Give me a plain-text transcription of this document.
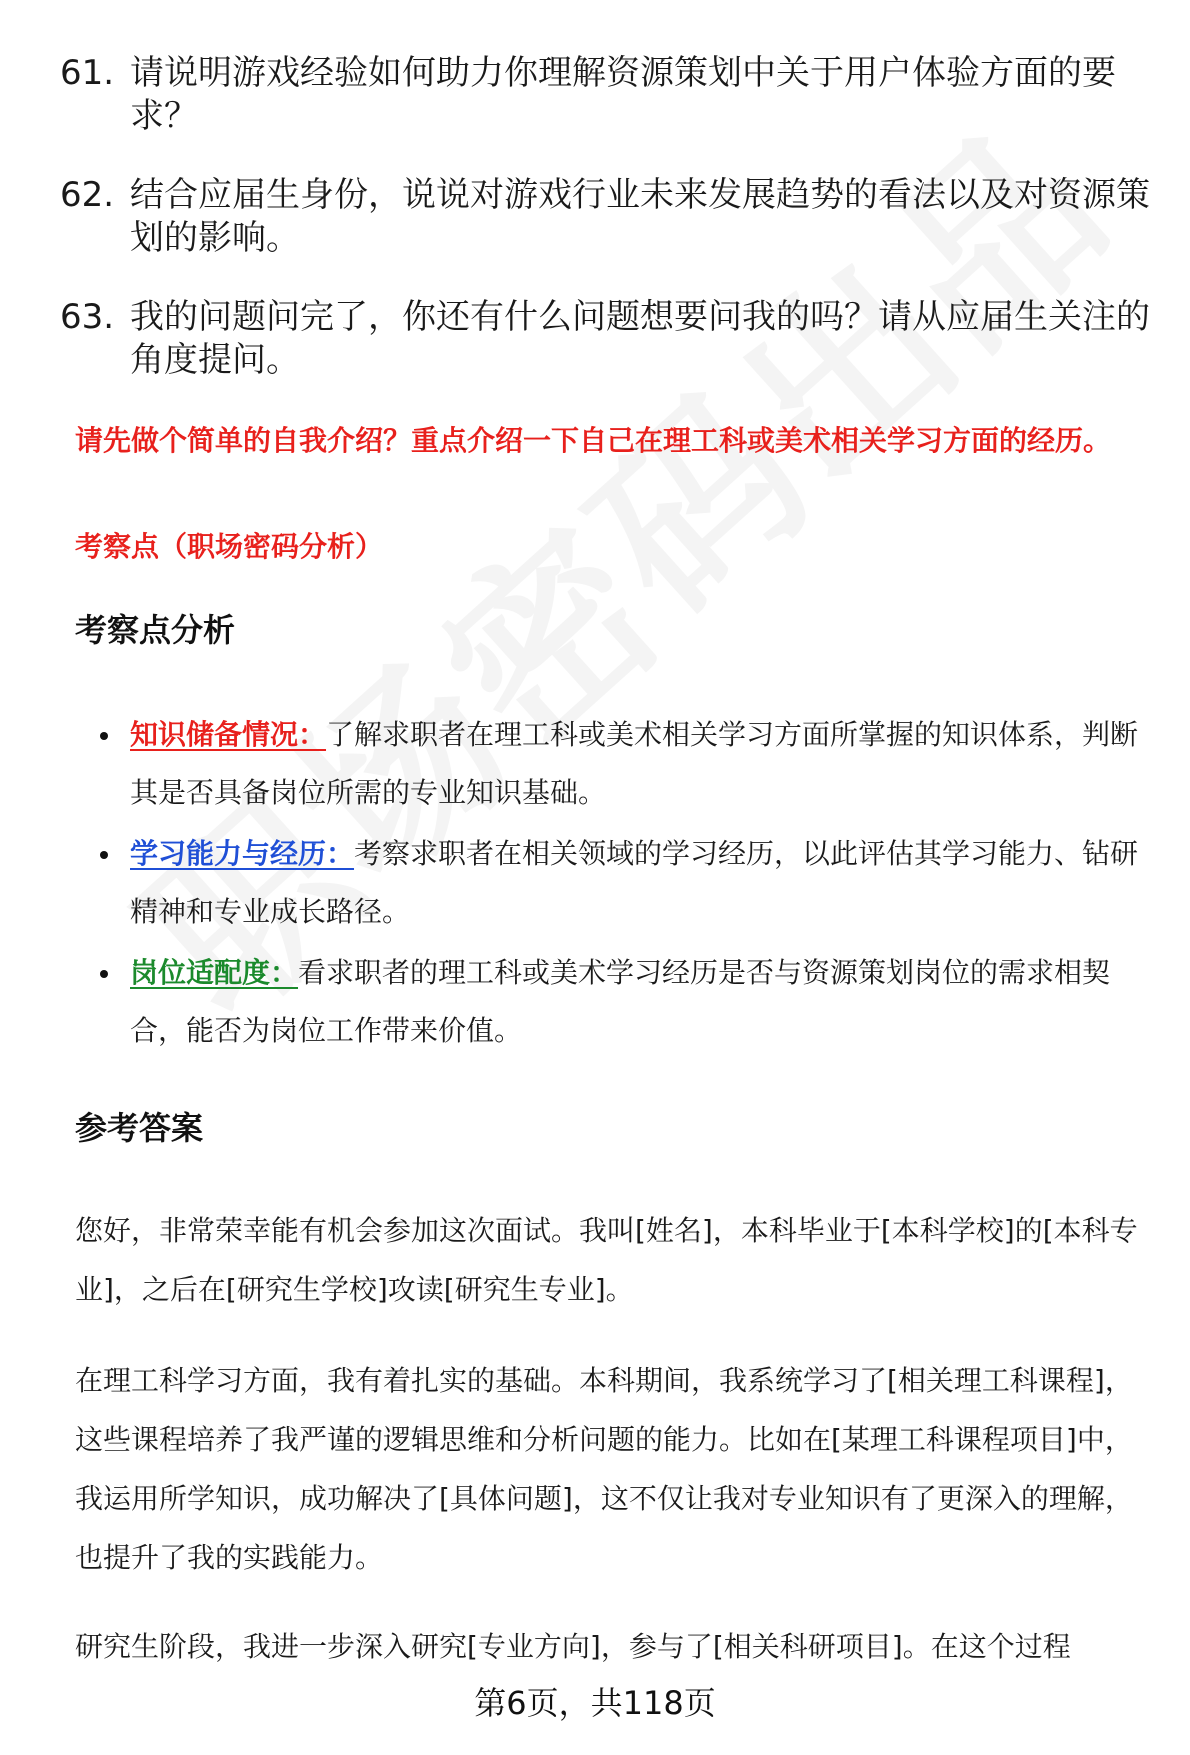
61. 请说明游戏经验如何助力你理解资源策划中关于用户体验方面的要求？
62. 结合应届生身份，说说对游戏行业未来发展趋势的看法以及对资源策划的影响。
63. 我的问题问完了，你还有什么问题想要问我的吗？请从应届生关注的角度提问。
请先做个简单的自我介绍？重点介绍一下自己在理工科或美术相关学习方面的经历。
考察点（职场密码分析）
考察点分析
知识储备情况：了解求职者在理工科或美术相关学习方面所掌握的知识体系，判断其是否具备岗位所需的专业知识基础。
学习能力与经历：考察求职者在相关领域的学习经历，以此评估其学习能力、钻研精神和专业成长路径。
岗位适配度：看求职者的理工科或美术学习经历是否与资源策划岗位的需求相契合，能否为岗位工作带来价值。
参考答案
您好，非常荣幸能有机会参加这次面试。我叫[姓名]，本科毕业于[本科学校]的[本科专业]，之后在[研究生学校]攻读[研究生专业]。
在理工科学习方面，我有着扎实的基础。本科期间，我系统学习了[相关理工科课程]，这些课程培养了我严谨的逻辑思维和分析问题的能力。比如在[某理工科课程项目]中，我运用所学知识，成功解决了[具体问题]，这不仅让我对专业知识有了更深入的理解，也提升了我的实践能力。
研究生阶段，我进一步深入研究[专业方向]，参与了[相关科研项目]。在这个过程
第6页，共118页
